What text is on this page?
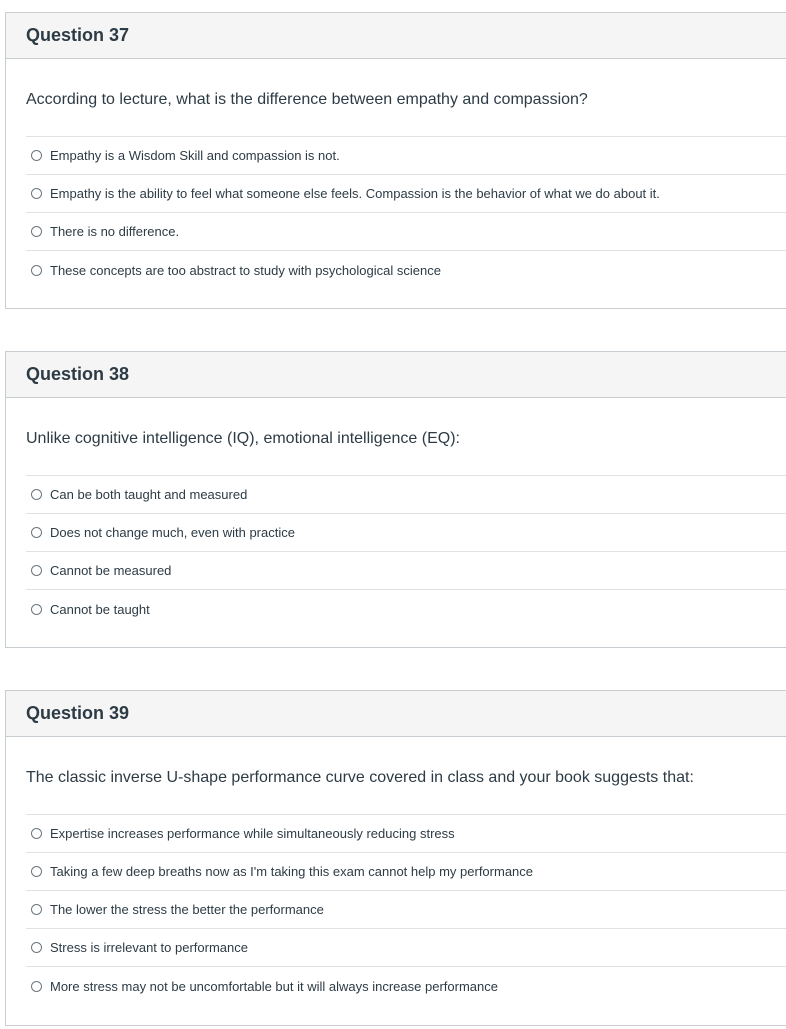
Question 37
According to lecture, what is the difference between empathy and compassion?
Empathy is a Wisdom Skill and compassion is not.
Empathy is the ability to feel what someone else feels. Compassion is the behavior of what we do about it.
There is no difference.
These concepts are too abstract to study with psychological science
Question 38
Unlike cognitive intelligence (IQ), emotional intelligence (EQ):
Can be both taught and measured
Does not change much, even with practice
Cannot be measured
Cannot be taught
Question 39
The classic inverse U-shape performance curve covered in class and your book suggests that:
Expertise increases performance while simultaneously reducing stress
Taking a few deep breaths now as I'm taking this exam cannot help my performance
The lower the stress the better the performance
Stress is irrelevant to performance
More stress may not be uncomfortable but it will always increase performance
